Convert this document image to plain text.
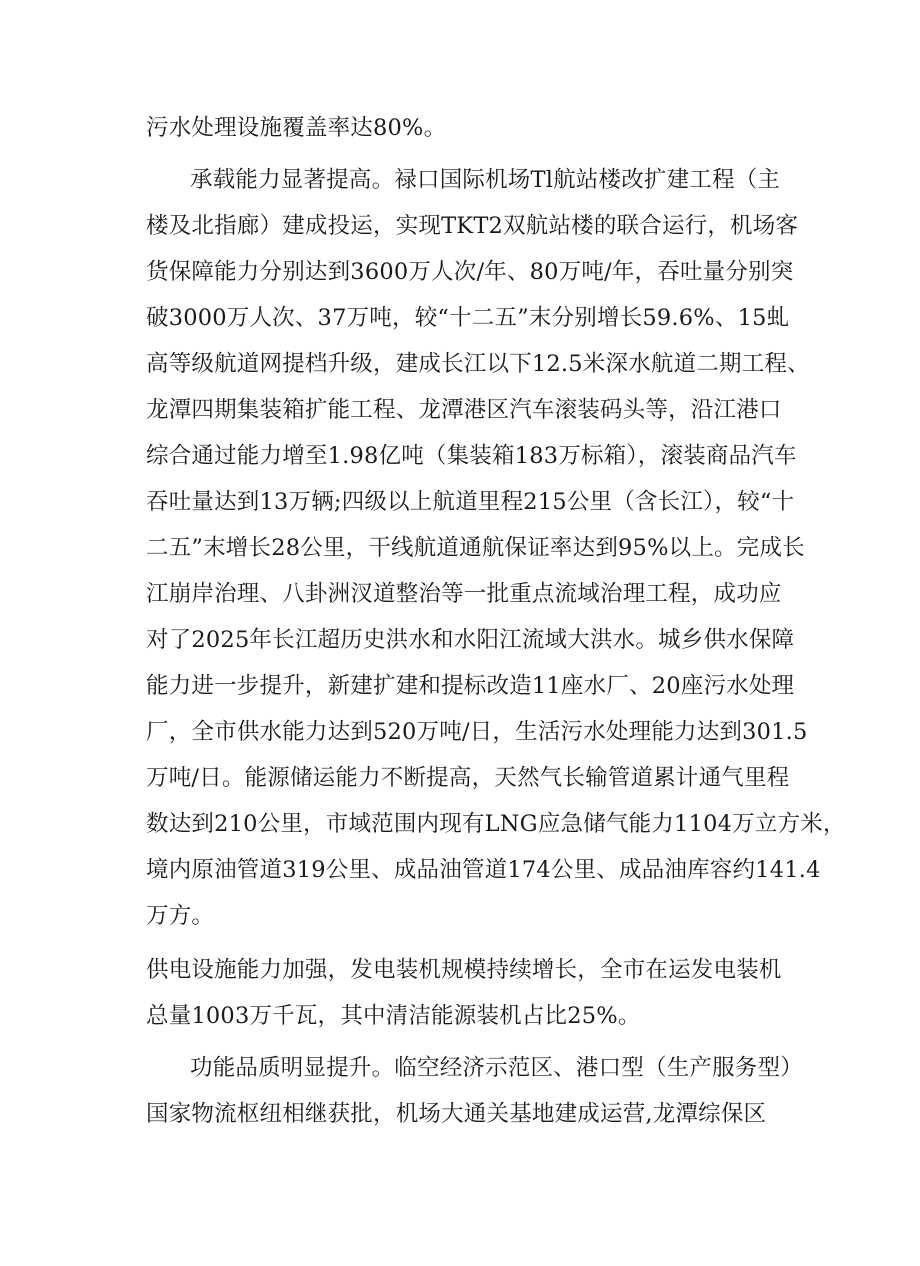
污水处理设施覆盖率达80%。
承载能力显著提高。禄口国际机场Tl航站楼改扩建工程（主
楼及北指廊）建成投运，实现TKT2双航站楼的联合运行，机场客
货保障能力分别达到3600万人次/年、80万吨/年，吞吐量分别突
破3000万人次、37万吨，较“十二五”末分别增长59.6%、15虬
高等级航道网提档升级，建成长江以下12.5米深水航道二期工程、
龙潭四期集装箱扩能工程、龙潭港区汽车滚装码头等，沿江港口
综合通过能力增至1.98亿吨（集装箱183万标箱），滚装商品汽车
吞吐量达到13万辆;四级以上航道里程215公里（含长江），较“十
二五”末增长28公里，干线航道通航保证率达到95%以上。完成长
江崩岸治理、八卦洲汊道整治等一批重点流域治理工程，成功应
对了2025年长江超历史洪水和水阳江流域大洪水。城乡供水保障
能力进一步提升，新建扩建和提标改造11座水厂、20座污水处理
厂，全市供水能力达到520万吨/日，生活污水处理能力达到301.5
万吨/日。能源储运能力不断提高，天然气长输管道累计通气里程
数达到210公里，市域范围内现有LNG应急储气能力1104万立方米，
境内原油管道319公里、成品油管道174公里、成品油库容约141.4
万方。
供电设施能力加强，发电装机规模持续增长，全市在运发电装机
总量1003万千瓦，其中清洁能源装机占比25%。
功能品质明显提升。临空经济示范区、港口型（生产服务型）
国家物流枢纽相继获批，机场大通关基地建成运营,龙潭综保区
